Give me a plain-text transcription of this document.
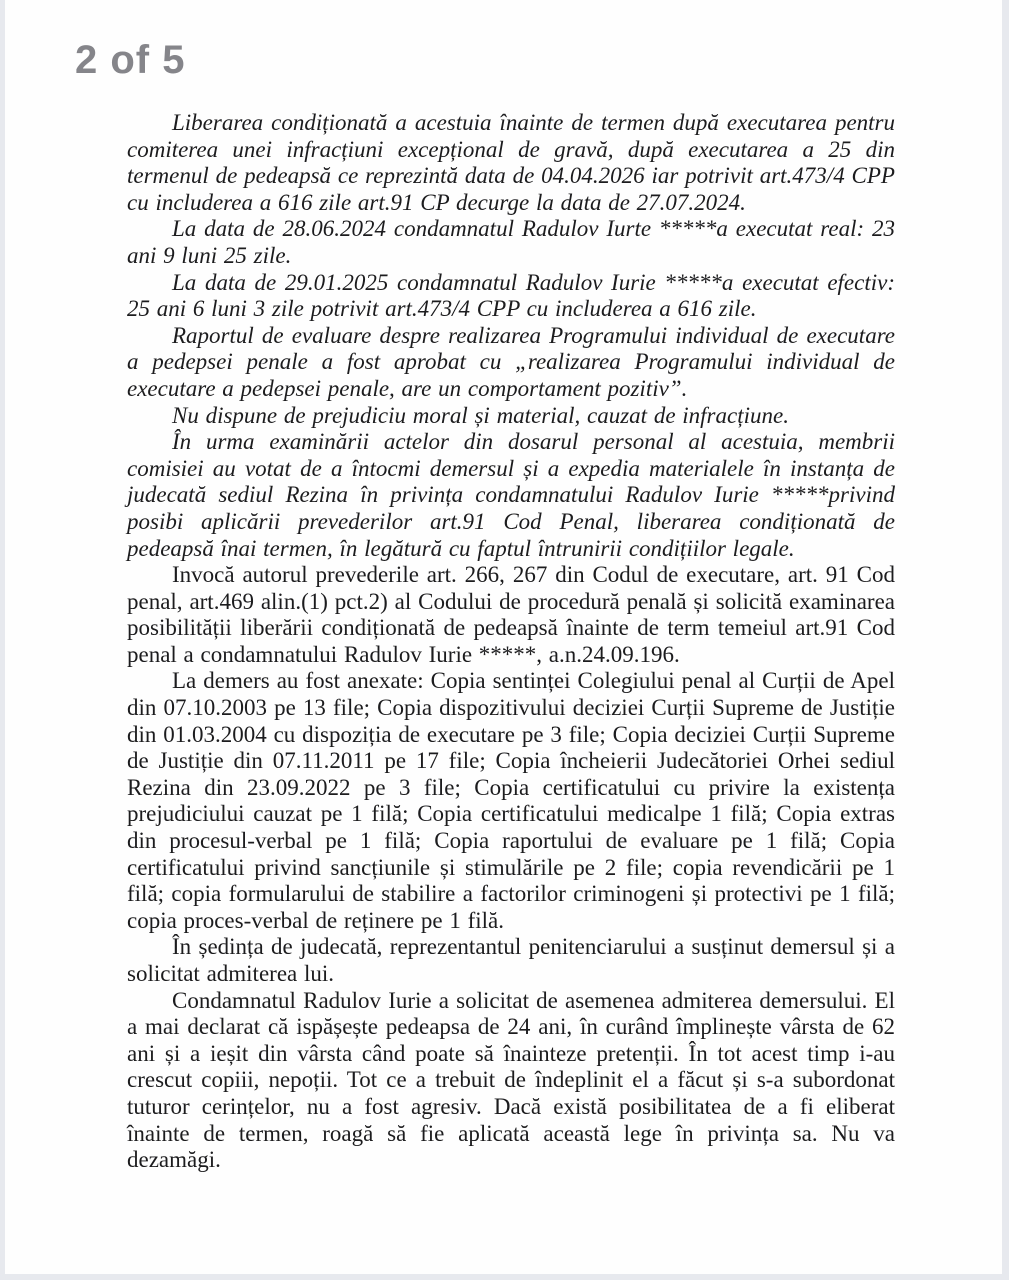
2 of 5

Liberarea condiționată a acestuia înainte de termen după executarea pentru comiterea unei infracțiuni excepțional de gravă, după executarea a 25 din termenul de pedeapsă ce reprezintă data de 04.04.2026 iar potrivit art.473/4 CPP cu includerea a 616 zile art.91 CP decurge la data de 27.07.2024.

La data de 28.06.2024 condamnatul Radulov Iurte *****a executat real: 23 ani 9 luni 25 zile.

La data de 29.01.2025 condamnatul Radulov Iurie *****a executat efectiv: 25 ani 6 luni 3 zile potrivit art.473/4 CPP cu includerea a 616 zile.

Raportul de evaluare despre realizarea Programului individual de executare a pedepsei penale a fost aprobat cu „realizarea Programului individual de executare a pedepsei penale, are un comportament pozitiv”.

Nu dispune de prejudiciu moral și material, cauzat de infracțiune.

În urma examinării actelor din dosarul personal al acestuia, membrii comisiei au votat de a întocmi demersul și a expedia materialele în instanța de judecată sediul Rezina în privința condamnatului Radulov Iurie *****privind posibi aplicării prevederilor art.91 Cod Penal, liberarea condiționată de pedeapsă înai termen, în legătură cu faptul întrunirii condițiilor legale.

Invocă autorul prevederile art. 266, 267 din Codul de executare, art. 91 Cod penal, art.469 alin.(1) pct.2) al Codului de procedură penală și solicită examinarea posibilității liberării condiționată de pedeapsă înainte de term temeiul art.91 Cod penal a condamnatului Radulov Iurie *****, a.n.24.09.196.

La demers au fost anexate: Copia sentinței Colegiului penal al Curții de Apel din 07.10.2003 pe 13 file; Copia dispozitivului deciziei Curții Supreme de Justiție din 01.03.2004 cu dispoziția de executare pe 3 file; Copia deciziei Curții Supreme de Justiție din 07.11.2011 pe 17 file; Copia încheierii Judecătoriei Orhei sediul Rezina din 23.09.2022 pe 3 file; Copia certificatului cu privire la existența prejudiciului cauzat pe 1 filă; Copia certificatului medicalpe 1 filă; Copia extras din procesul-verbal pe 1 filă; Copia raportului de evaluare pe 1 filă; Copia certificatului privind sancțiunile și stimulările pe 2 file; copia revendicării pe 1 filă; copia formularului de stabilire a factorilor criminogeni și protectivi pe 1 filă; copia proces-verbal de reținere pe 1 filă.

În ședința de judecată, reprezentantul penitenciarului a susținut demersul și a solicitat admiterea lui.

Condamnatul Radulov Iurie a solicitat de asemenea admiterea demersului. El a mai declarat că ispășește pedeapsa de 24 ani, în curând împlinește vârsta de 62 ani și a ieșit din vârsta când poate să înainteze pretenții. În tot acest timp i-au crescut copiii, nepoții. Tot ce a trebuit de îndeplinit el a făcut și s-a subordonat tuturor cerințelor, nu a fost agresiv. Dacă există posibilitatea de a fi eliberat înainte de termen, roagă să fie aplicată această lege în privința sa. Nu va dezamăgi.
